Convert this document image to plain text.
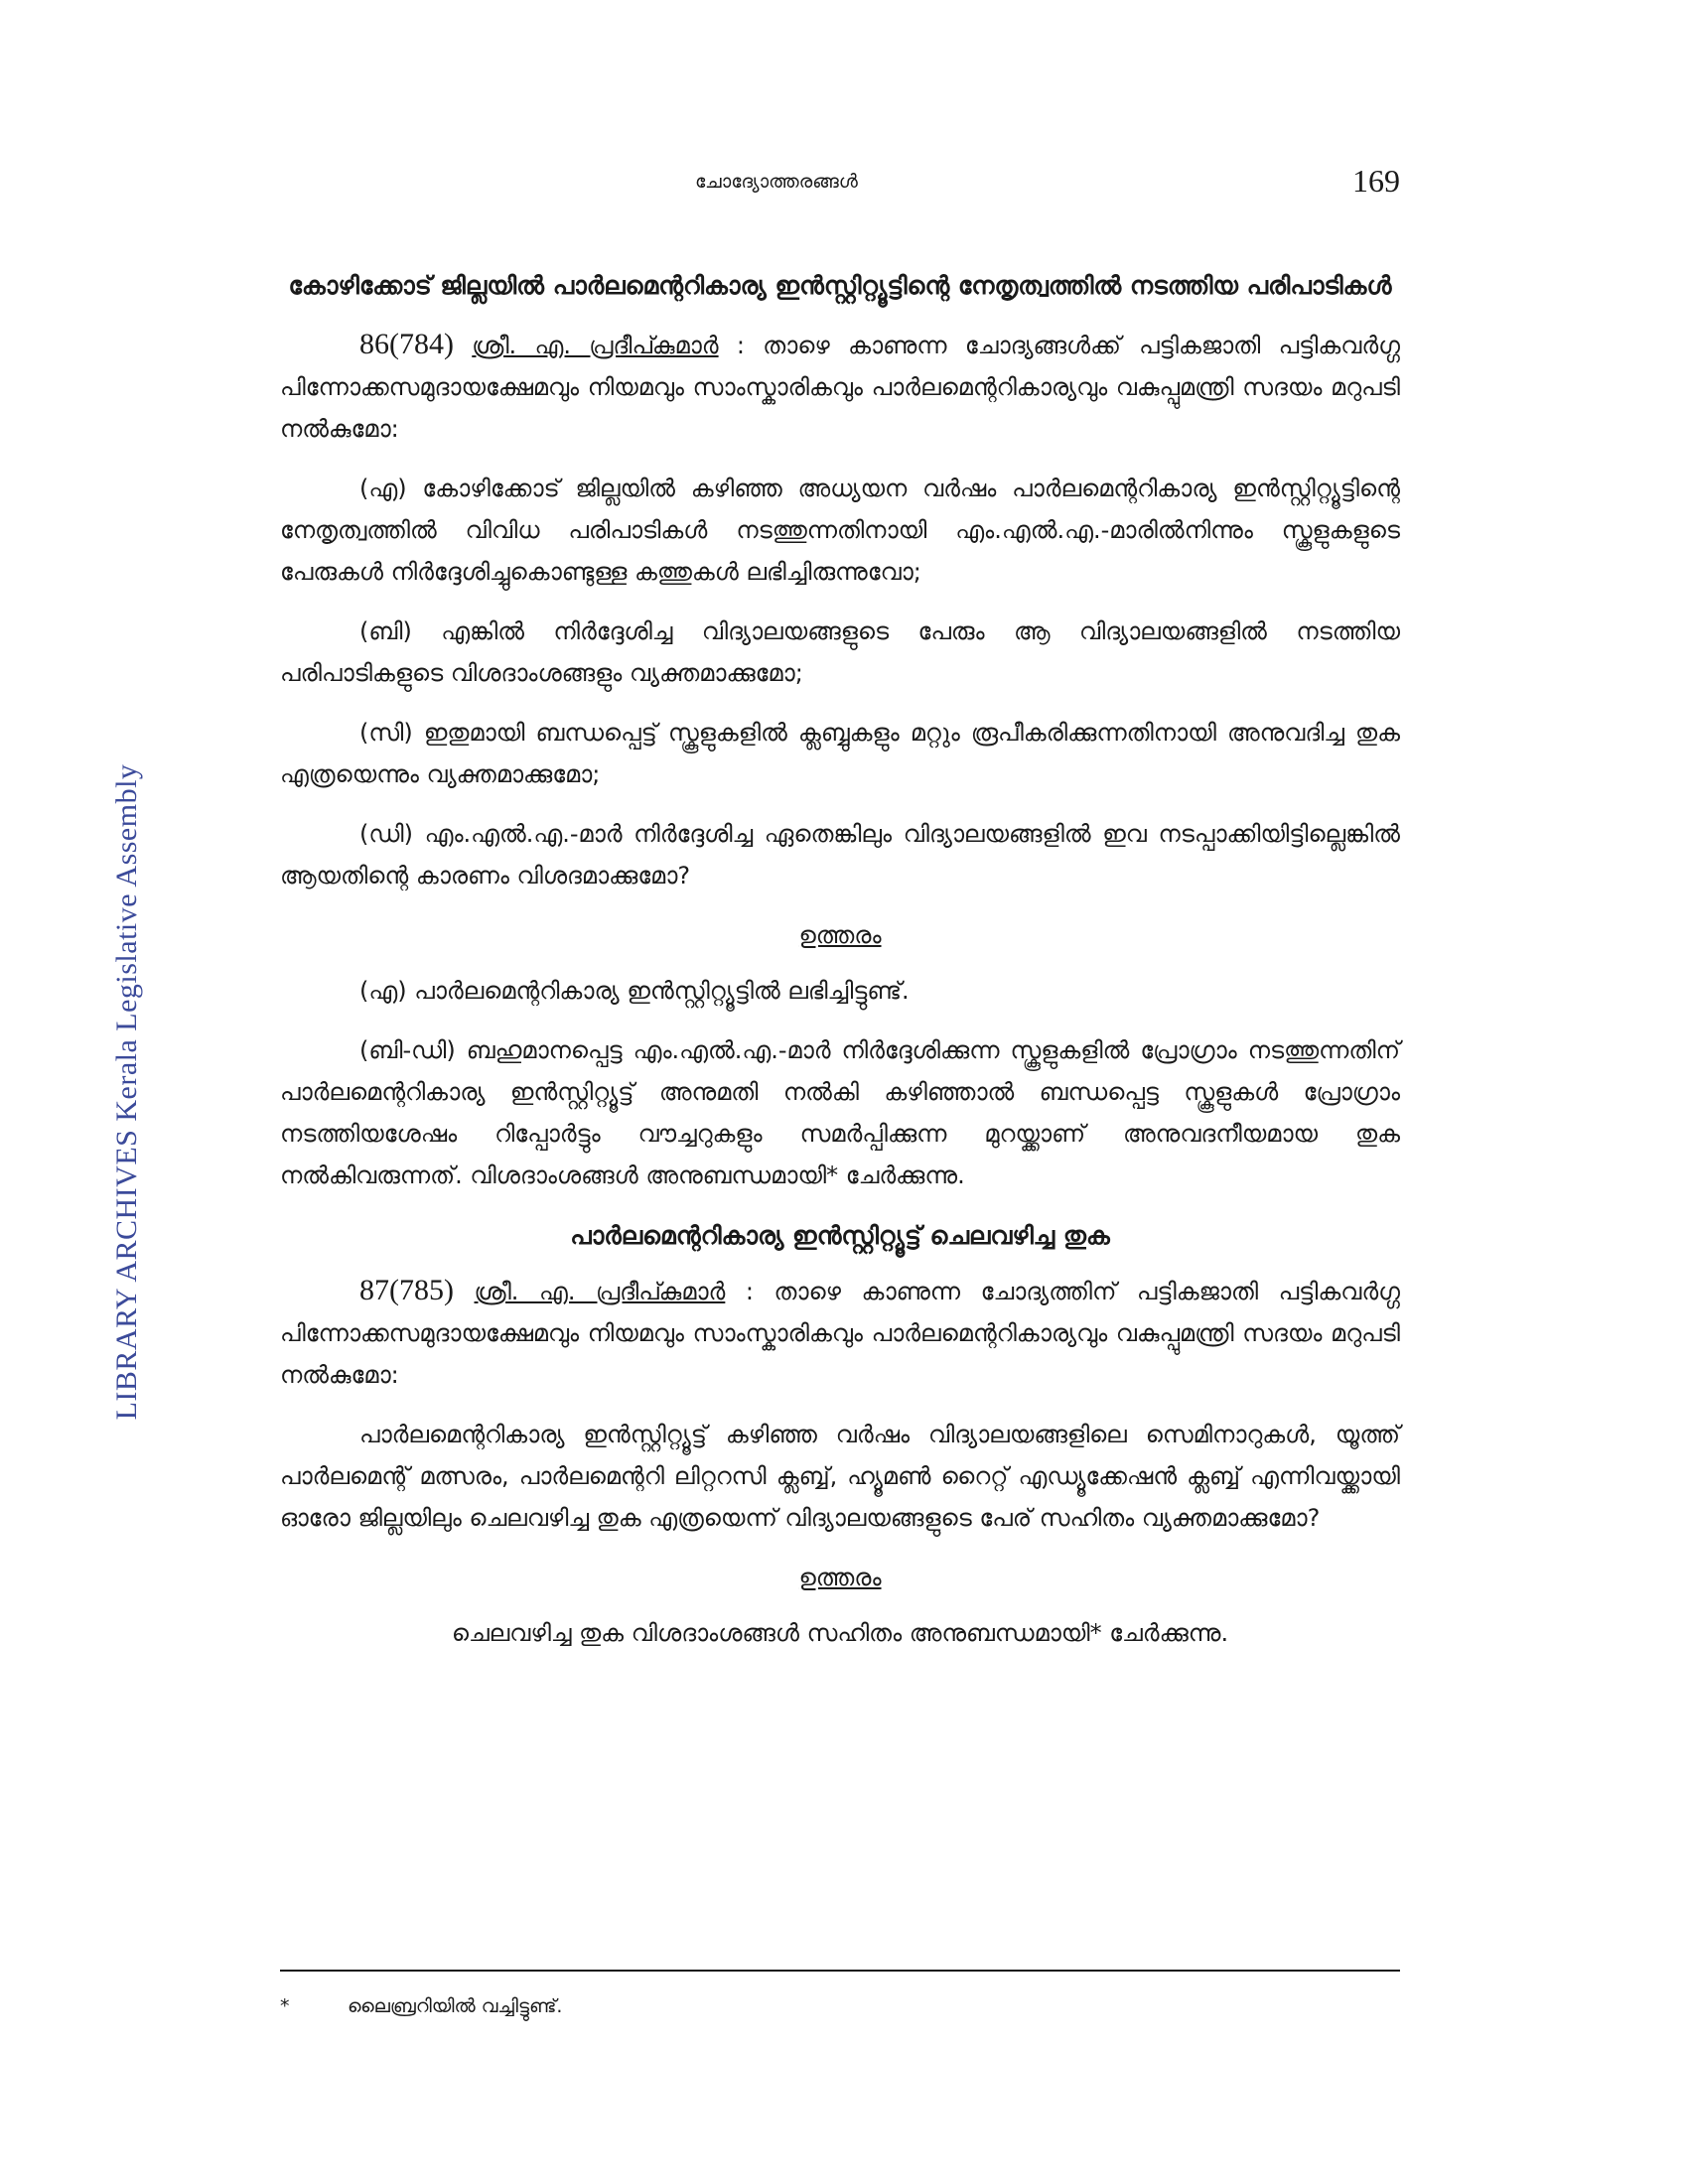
LIBRARY ARCHIVES Kerala Legislative Assembly
ചോദ്യോത്തരങ്ങൾ	169
കോഴിക്കോട് ജില്ലയിൽ പാർലമെന്ററികാര്യ ഇൻസ്റ്റിറ്റ്യൂട്ടിന്റെ നേതൃത്വത്തിൽ നടത്തിയ പരിപാടികൾ

86(784) ശ്രീ. എ. പ്രദീപ്കുമാർ : താഴെ കാണുന്ന ചോദ്യങ്ങൾക്ക് പട്ടികജാതി പട്ടികവർഗ്ഗ പിന്നോക്കസമുദായക്ഷേമവും നിയമവും സാംസ്കാരികവും പാർലമെന്ററികാര്യവും വകുപ്പുമന്ത്രി സദയം മറുപടി നൽകുമോ:

(എ) കോഴിക്കോട് ജില്ലയിൽ കഴിഞ്ഞ അധ്യയന വർഷം പാർലമെന്ററികാര്യ ഇൻസ്റ്റിറ്റ്യൂട്ടിന്റെ നേതൃത്വത്തിൽ വിവിധ പരിപാടികൾ നടത്തുന്നതിനായി എം.എൽ.എ.-മാരിൽനിന്നും സ്കൂളുകളുടെ പേരുകൾ നിർദ്ദേശിച്ചുകൊണ്ടുള്ള കത്തുകൾ ലഭിച്ചിരുന്നുവോ;

(ബി) എങ്കിൽ നിർദ്ദേശിച്ച വിദ്യാലയങ്ങളുടെ പേരും ആ വിദ്യാലയങ്ങളിൽ നടത്തിയ പരിപാടികളുടെ വിശദാംശങ്ങളും വ്യക്തമാക്കുമോ;

(സി) ഇതുമായി ബന്ധപ്പെട്ട് സ്കൂളുകളിൽ ക്ലബ്ബുകളും മറ്റും രൂപീകരിക്കുന്നതിനായി അനുവദിച്ച തുക എത്രയെന്നും വ്യക്തമാക്കുമോ;

(ഡി) എം.എൽ.എ.-മാർ നിർദ്ദേശിച്ച ഏതെങ്കിലും വിദ്യാലയങ്ങളിൽ ഇവ നടപ്പാക്കിയിട്ടില്ലെങ്കിൽ ആയതിന്റെ കാരണം വിശദമാക്കുമോ?

ഉത്തരം

(എ) പാർലമെന്ററികാര്യ ഇൻസ്റ്റിറ്റ്യൂട്ടിൽ ലഭിച്ചിട്ടുണ്ട്.

(ബി-ഡി) ബഹുമാനപ്പെട്ട എം.എൽ.എ.-മാർ നിർദ്ദേശിക്കുന്ന സ്കൂളുകളിൽ പ്രോഗ്രാം നടത്തുന്നതിന് പാർലമെന്ററികാര്യ ഇൻസ്റ്റിറ്റ്യൂട്ട് അനുമതി നൽകി കഴിഞ്ഞാൽ ബന്ധപ്പെട്ട സ്കൂളുകൾ പ്രോഗ്രാം നടത്തിയശേഷം റിപ്പോർട്ടും വൗച്ചറുകളും സമർപ്പിക്കുന്ന മുറയ്ക്കാണ് അനുവദനീയമായ തുക നൽകിവരുന്നത്. വിശദാംശങ്ങൾ അനുബന്ധമായി* ചേർക്കുന്നു.

പാർലമെന്ററികാര്യ ഇൻസ്റ്റിറ്റ്യൂട്ട് ചെലവഴിച്ച തുക

87(785) ശ്രീ. എ. പ്രദീപ്കുമാർ : താഴെ കാണുന്ന ചോദ്യത്തിന് പട്ടികജാതി പട്ടികവർഗ്ഗ പിന്നോക്കസമുദായക്ഷേമവും നിയമവും സാംസ്കാരികവും പാർലമെന്ററികാര്യവും വകുപ്പുമന്ത്രി സദയം മറുപടി നൽകുമോ:

പാർലമെന്ററികാര്യ ഇൻസ്റ്റിറ്റ്യൂട്ട് കഴിഞ്ഞ വർഷം വിദ്യാലയങ്ങളിലെ സെമിനാറുകൾ, യൂത്ത് പാർലമെന്റ് മത്സരം, പാർലമെന്ററി ലിറ്ററസി ക്ലബ്ബ്, ഹ്യൂമൺ റൈറ്റ് എഡ്യൂക്കേഷൻ ക്ലബ്ബ് എന്നിവയ്ക്കായി ഓരോ ജില്ലയിലും ചെലവഴിച്ച തുക എത്രയെന്ന് വിദ്യാലയങ്ങളുടെ പേര് സഹിതം വ്യക്തമാക്കുമോ?

ഉത്തരം

ചെലവഴിച്ച തുക വിശദാംശങ്ങൾ സഹിതം അനുബന്ധമായി* ചേർക്കുന്നു.

*	ലൈബ്രറിയിൽ വച്ചിട്ടുണ്ട്.
